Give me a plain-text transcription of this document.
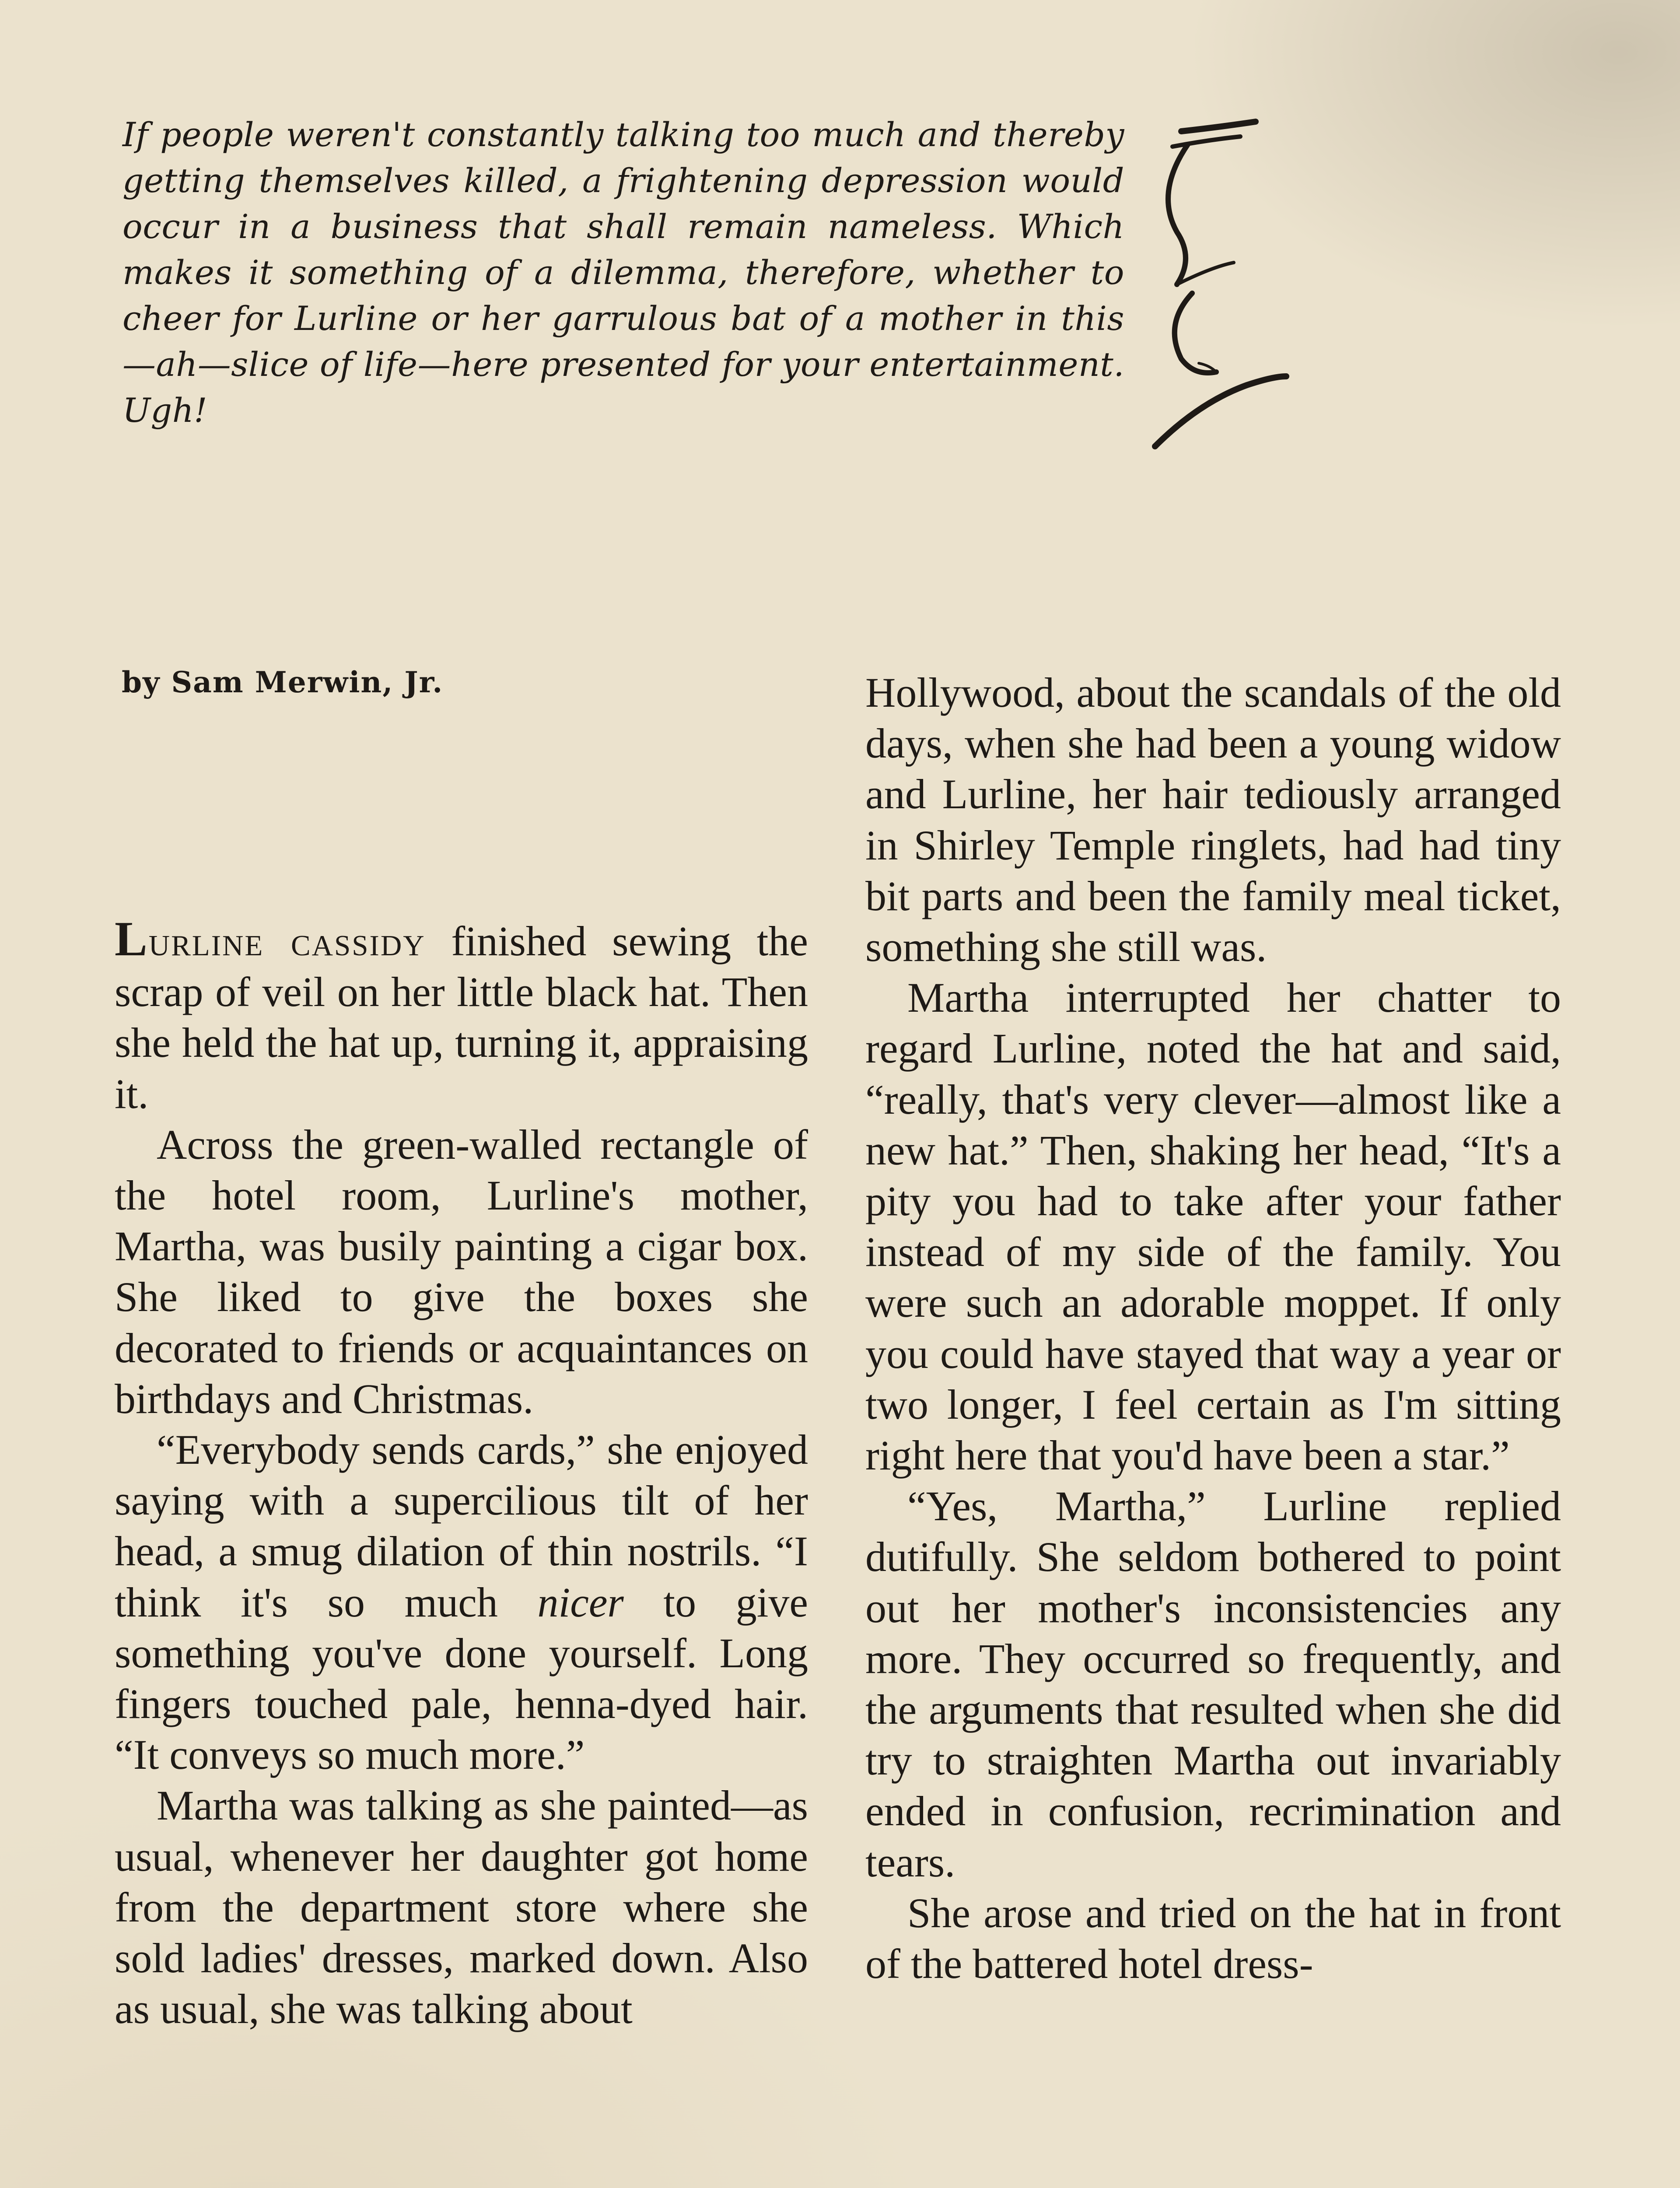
If people weren't constantly talking too much and thereby getting themselves killed, a frightening depression would occur in a business that shall remain nameless. Which makes it something of a dilemma, therefore, whether to cheer for Lurline or her garrulous bat of a mother in this—ah—slice of life—here presented for your entertainment. Ugh!

by Sam Merwin, Jr.

Lurline cassidy finished sewing the scrap of veil on her little black hat. Then she held the hat up, turning it, appraising it.

Across the green-walled rectangle of the hotel room, Lurline's mother, Martha, was busily painting a cigar box. She liked to give the boxes she decorated to friends or acquaintances on birthdays and Christmas.

“Everybody sends cards,” she enjoyed saying with a supercilious tilt of her head, a smug dilation of thin nostrils. “I think it's so much nicer to give something you've done yourself. Long fingers touched pale, henna-dyed hair. “It conveys so much more.”

Martha was talking as she painted—as usual, whenever her daughter got home from the department store where she sold ladies' dresses, marked down. Also as usual, she was talking about

Hollywood, about the scandals of the old days, when she had been a young widow and Lurline, her hair tediously arranged in Shirley Temple ringlets, had had tiny bit parts and been the family meal ticket, something she still was.

Martha interrupted her chatter to regard Lurline, noted the hat and said, “really, that's very clever—almost like a new hat.” Then, shaking her head, “It's a pity you had to take after your father instead of my side of the family. You were such an adorable moppet. If only you could have stayed that way a year or two longer, I feel certain as I'm sitting right here that you'd have been a star.”

“Yes, Martha,” Lurline replied dutifully. She seldom bothered to point out her mother's inconsistencies any more. They occurred so frequently, and the arguments that resulted when she did try to straighten Martha out invariably ended in confusion, recrimination and tears.

She arose and tried on the hat in front of the battered hotel dress-
